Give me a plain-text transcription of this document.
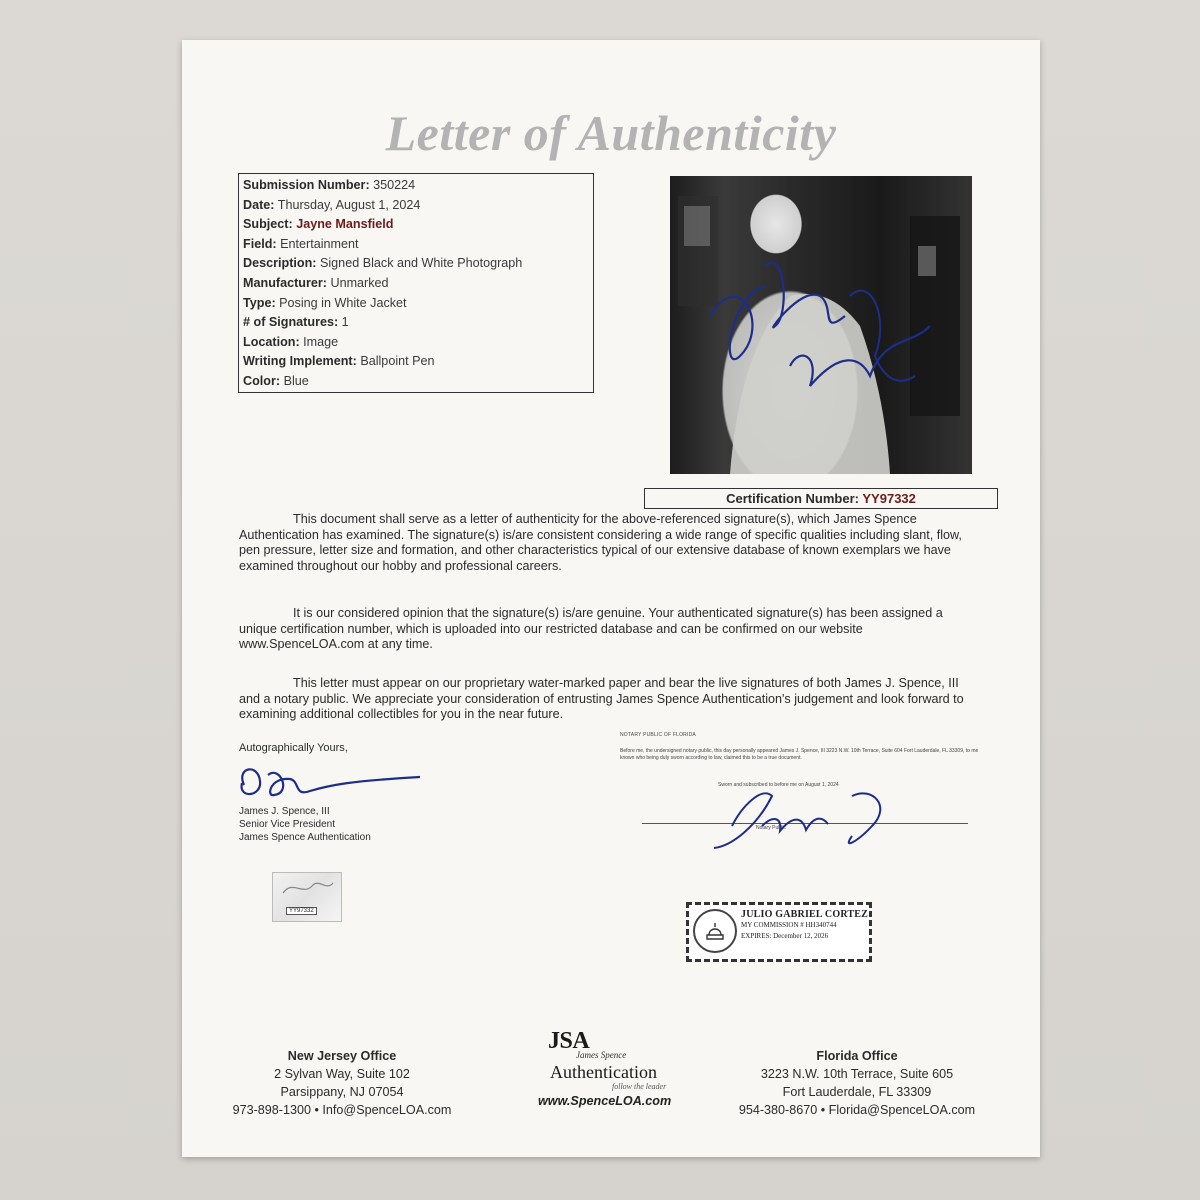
Letter of Authenticity
Submission Number: 350224
Date: Thursday, August 1, 2024
Subject: Jayne Mansfield
Field: Entertainment
Description: Signed Black and White Photograph
Manufacturer: Unmarked
Type: Posing in White Jacket
# of Signatures: 1
Location: Image
Writing Implement: Ballpoint Pen
Color: Blue
Certification Number: YY97332

This document shall serve as a letter of authenticity for the above-referenced signature(s), which James Spence Authentication has examined. The signature(s) is/are consistent considering a wide range of specific qualities including slant, flow, pen pressure, letter size and formation, and other characteristics typical of our extensive database of known exemplars we have examined throughout our hobby and professional careers.

It is our considered opinion that the signature(s) is/are genuine. Your authenticated signature(s) has been assigned a unique certification number, which is uploaded into our restricted database and can be confirmed on our website www.SpenceLOA.com at any time.

This letter must appear on our proprietary water-marked paper and bear the live signatures of both James J. Spence, III and a notary public. We appreciate your consideration of entrusting James Spence Authentication's judgement and look forward to examining additional collectibles for you in the near future.

Autographically Yours,
James J. Spence, III
Senior Vice President
James Spence Authentication
NOTARY PUBLIC OF FLORIDA

Before me, the undersigned notary public, this day personally appeared James J. Spence, III 3223 N.W. 10th Terrace, Suite 604 Fort Lauderdale, FL 33309, to me known who being duly sworn according to law, claimed this to be a true document.

Sworn and subscribed to before me on August 1, 2024
Notary Public
YY97332	JULIO GABRIEL CORTEZ
MY COMMISSION # HH340744
EXPIRES: December 12, 2026
New Jersey Office
2 Sylvan Way, Suite 102
Parsippany, NJ 07054
973-898-1300 • Info@SpenceLOA.com
JSA
James Spence
Authentication
follow the leader
www.SpenceLOA.com
Florida Office
3223 N.W. 10th Terrace, Suite 605
Fort Lauderdale, FL 33309
954-380-8670 • Florida@SpenceLOA.com
